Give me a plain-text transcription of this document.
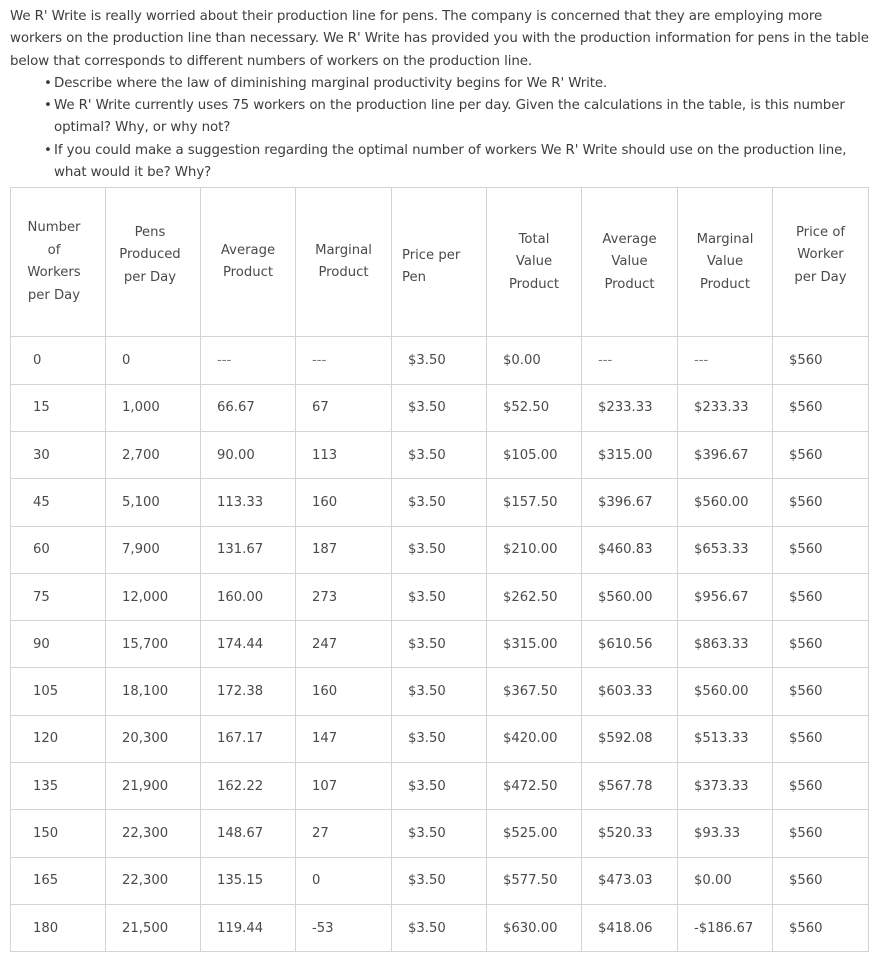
We R' Write is really worried about their production line for pens. The company is concerned that they are employing more workers on the production line than necessary. We R' Write has provided you with the production information for pens in the table below that corresponds to different numbers of workers on the production line.

• Describe where the law of diminishing marginal productivity begins for We R' Write.
• We R' Write currently uses 75 workers on the production line per day. Given the calculations in the table, is this number optimal? Why, or why not?
• If you could make a suggestion regarding the optimal number of workers We R' Write should use on the production line, what would it be? Why?
Number of Workers per Day	Pens Produced per Day	Average Product	Marginal Product	Price per Pen	Total Value Product	Average Value Product	Marginal Value Product	Price of Worker per Day
0	0	---	---	$3.50	$0.00	---	---	$560
15	1,000	66.67	67	$3.50	$52.50	$233.33	$233.33	$560
30	2,700	90.00	113	$3.50	$105.00	$315.00	$396.67	$560
45	5,100	113.33	160	$3.50	$157.50	$396.67	$560.00	$560
60	7,900	131.67	187	$3.50	$210.00	$460.83	$653.33	$560
75	12,000	160.00	273	$3.50	$262.50	$560.00	$956.67	$560
90	15,700	174.44	247	$3.50	$315.00	$610.56	$863.33	$560
105	18,100	172.38	160	$3.50	$367.50	$603.33	$560.00	$560
120	20,300	167.17	147	$3.50	$420.00	$592.08	$513.33	$560
135	21,900	162.22	107	$3.50	$472.50	$567.78	$373.33	$560
150	22,300	148.67	27	$3.50	$525.00	$520.33	$93.33	$560
165	22,300	135.15	0	$3.50	$577.50	$473.03	$0.00	$560
180	21,500	119.44	-53	$3.50	$630.00	$418.06	-$186.67	$560
